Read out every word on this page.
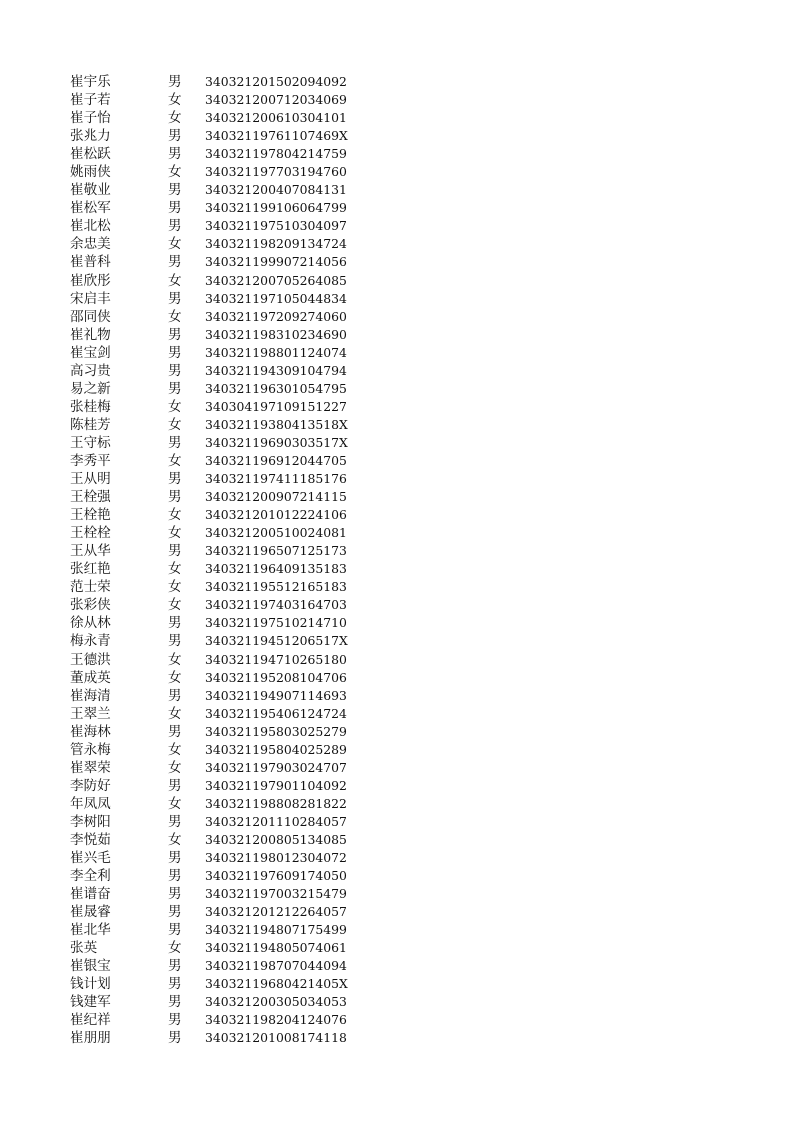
崔宇乐	男 340321201502094092
崔子若	女 340321200712034069
崔子怡	女 340321200610304101
张兆力	男 34032119761107469X
崔松跃	男 340321197804214759
姚雨侠	女 340321197703194760
崔敬业	男 340321200407084131
崔松军	男 340321199106064799
崔北松	男 340321197510304097
余忠美	女 340321198209134724
崔普科	男 340321199907214056
崔欣彤	女 340321200705264085
宋启丰	男 340321197105044834
邵同侠	女 340321197209274060
崔礼物	男 340321198310234690
崔宝剑	男 340321198801124074
高习贵	男 340321194309104794
易之新	男 340321196301054795
张桂梅	女 340304197109151227
陈桂芳	女 34032119380413518X
王守标	男 34032119690303517X
李秀平	女 340321196912044705
王从明	男 340321197411185176
王栓强	男 340321200907214115
王栓艳	女 340321201012224106
王栓栓	女 340321200510024081
王从华	男 340321196507125173
张红艳	女 340321196409135183
范士荣	女 340321195512165183
张彩侠	女 340321197403164703
徐从林	男 340321197510214710
梅永青	男 34032119451206517X
王德洪	女 340321194710265180
董成英	女 340321195208104706
崔海清	男 340321194907114693
王翠兰	女 340321195406124724
崔海林	男 340321195803025279
管永梅	女 340321195804025289
崔翠荣	女 340321197903024707
李防好	男 340321197901104092
年凤凤	女 340321198808281822
李树阳	男 340321201110284057
李悦茹	女 340321200805134085
崔兴毛	男 340321198012304072
李全利	男 340321197609174050
崔谱奋	男 340321197003215479
崔晟睿	男 340321201212264057
崔北华	男 340321194807175499
张英	女 340321194805074061
崔银宝	男 340321198707044094
钱计划	男 34032119680421405X
钱建军	男 340321200305034053
崔纪祥	男 340321198204124076
崔朋朋	男 340321201008174118
